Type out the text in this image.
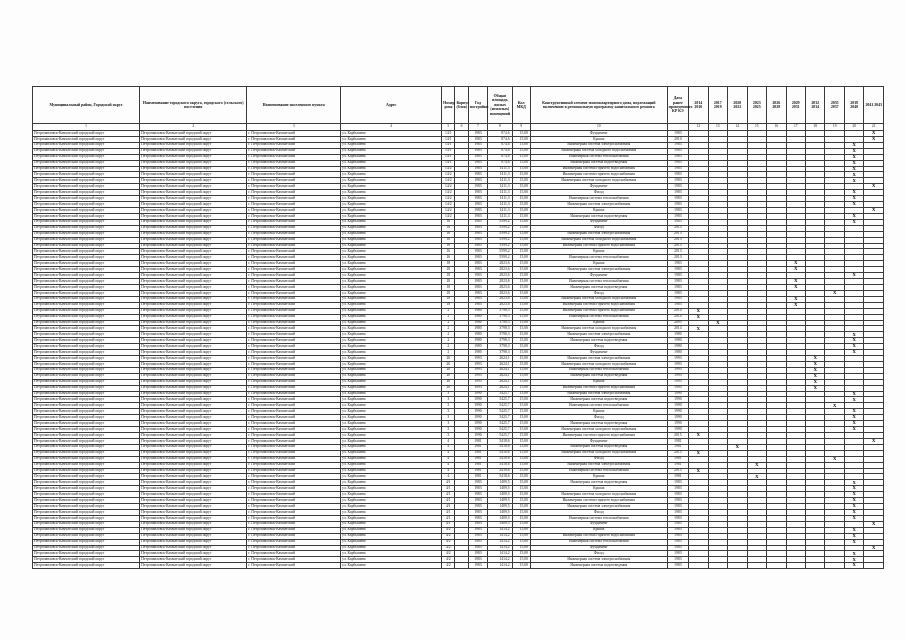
Муниципальный район, Городской округ	Наименование городского округа, городского (сельского) поселения	Наименование населенного пункта	Адрес	Номер дома	Корпус (блок)	Год постройки	Общая площадь жилых (нежилых) помещений	Кол МКД	Конструктивный элемент многоквартирного дома, подлежащий включению в региональную программу капитального ремонта	Дата ранее проведенного КР КЭ	2014 2016	2017 2019	2020 2022	2023 2025	2026 2028	2029 2031	2032 2034	2035 2037	2038 2040	2041 2043
1	2	3	4	5	6	7	8	9	10		12	13	14	15	16	17	18	19	20	21
Петропавловск-Камчатский городской округ	Петропавловск-Камчатский городской округ	г. Петропавловск-Камчатский	ул. Карбышева	14/1		1983	874,6	15,00	Фундамент	1983										X
Петропавловск-Камчатский городской округ	Петропавловск-Камчатский городской округ	г. Петропавловск-Камчатский	ул. Карбышева	14/1		1983	874,6	15,00	Крыша	2010										X
Петропавловск-Камчатский городской округ	Петропавловск-Камчатский городской округ	г. Петропавловск-Камчатский	ул. Карбышева	14/1		1983	874,6	15,00	Инженерная система электроснабжения	1983									X	
Петропавловск-Камчатский городской округ	Петропавловск-Камчатский городской округ	г. Петропавловск-Камчатский	ул. Карбышева	14/1		1983	874,6	15,00	Инженерная система холодного водоснабжения	1983									X	
Петропавловск-Камчатский городской округ	Петропавловск-Камчатский городской округ	г. Петропавловск-Камчатский	ул. Карбышева	14/1		1983	874,6	15,00	Инженерная система теплоснабжения	1983									X	
Петропавловск-Камчатский городской округ	Петропавловск-Камчатский городской округ	г. Петропавловск-Камчатский	ул. Карбышева	14/1		1983	874,6	15,00	Инженерная система водоотведения	1983									X	
Петропавловск-Камчатский городской округ	Петропавловск-Камчатский городской округ	г. Петропавловск-Камчатский	ул. Карбышева	14/2		1983	1411,3	15,00	Инженерная система горячего водоснабжения	1983									X	
Петропавловск-Камчатский городской округ	Петропавловск-Камчатский городской округ	г. Петропавловск-Камчатский	ул. Карбышева	14/2		1983	1411,3	15,00	Инженерная система горячего водоснабжения	1983									X	
Петропавловск-Камчатский городской округ	Петропавловск-Камчатский городской округ	г. Петропавловск-Камчатский	ул. Карбышева	14/2		1983	1411,3	15,00	Инженерная система холодного водоснабжения	1983									X	
Петропавловск-Камчатский городской округ	Петропавловск-Камчатский городской округ	г. Петропавловск-Камчатский	ул. Карбышева	14/2		1983	1411,3	15,00	Фундамент	1983										X
Петропавловск-Камчатский городской округ	Петропавловск-Камчатский городской округ	г. Петропавловск-Камчатский	ул. Карбышева	14/2		1983	1411,3	15,00	Фасад	1983									X	
Петропавловск-Камчатский городской округ	Петропавловск-Камчатский городской округ	г. Петропавловск-Камчатский	ул. Карбышева	14/2		1983	1411,3	15,00	Инженерная система теплоснабжения	1983									X	
Петропавловск-Камчатский городской округ	Петропавловск-Камчатский городской округ	г. Петропавловск-Камчатский	ул. Карбышева	14/2		1983	1411,3	15,00	Инженерная система электроснабжения	1983									X	
Петропавловск-Камчатский городской округ	Петропавловск-Камчатский городской округ	г. Петропавловск-Камчатский	ул. Карбышева	14/2		1983	1411,3	15,00	Крыша	1983										X
Петропавловск-Камчатский городской округ	Петропавловск-Камчатский городской округ	г. Петропавловск-Камчатский	ул. Карбышева	14/2		1983	1411,3	15,00	Инженерная система водоотведения	1983									X	
Петропавловск-Камчатский городской округ	Петропавловск-Камчатский городской округ	г. Петропавловск-Камчатский	ул. Карбышева	16		1983	5599,2	15,00	Фундамент	1983									X	
Петропавловск-Камчатский городской округ	Петропавловск-Камчатский городской округ	г. Петропавловск-Камчатский	ул. Карбышева	16		1983	5599,2	15,00	Фасад	2013										
Петропавловск-Камчатский городской округ	Петропавловск-Камчатский городской округ	г. Петропавловск-Камчатский	ул. Карбышева	16		1983	5599,2	15,00	Инженерная система электроснабжения	2013										
Петропавловск-Камчатский городской округ	Петропавловск-Камчатский городской округ	г. Петропавловск-Камчатский	ул. Карбышева	16		1983	5599,2	15,00	Инженерная система холодного водоснабжения	2013										
Петропавловск-Камчатский городской округ	Петропавловск-Камчатский городской округ	г. Петропавловск-Камчатский	ул. Карбышева	16		1983	5599,2	15,00	Инженерная система горячего водоснабжения	2013										
Петропавловск-Камчатский городской округ	Петропавловск-Камчатский городской округ	г. Петропавловск-Камчатский	ул. Карбышева	16		1983	5599,2	15,00	Крыша	2013										
Петропавловск-Камчатский городской округ	Петропавловск-Камчатский городской округ	г. Петропавловск-Камчатский	ул. Карбышева	16		1983	5599,2	15,00	Инженерная система теплоснабжения	2013										
Петропавловск-Камчатский городской округ	Петропавловск-Камчатский городской округ	г. Петропавловск-Камчатский	ул. Карбышева	18		1983	2823,6	15,00	Крыша	1983						X				
Петропавловск-Камчатский городской округ	Петропавловск-Камчатский городской округ	г. Петропавловск-Камчатский	ул. Карбышева	18		1983	2823,6	15,00	Инженерная система электроснабжения	1983						X				
Петропавловск-Камчатский городской округ	Петропавловск-Камчатский городской округ	г. Петропавловск-Камчатский	ул. Карбышева	18		1983	2823,6	15,00	Фундамент	1983									X	
Петропавловск-Камчатский городской округ	Петропавловск-Камчатский городской округ	г. Петропавловск-Камчатский	ул. Карбышева	18		1983	2823,6	15,00	Инженерная система теплоснабжения	1983						X				
Петропавловск-Камчатский городской округ	Петропавловск-Камчатский городской округ	г. Петропавловск-Камчатский	ул. Карбышева	18		1983	2823,6	15,00	Инженерная система водоотведения	1983						X				
Петропавловск-Камчатский городской округ	Петропавловск-Камчатский городской округ	г. Петропавловск-Камчатский	ул. Карбышева	18		1983	2823,6	15,00	Фасад	1983								X		
Петропавловск-Камчатский городской округ	Петропавловск-Камчатский городской округ	г. Петропавловск-Камчатский	ул. Карбышева	18		1983	2823,6	15,00	Инженерная система холодного водоснабжения	1983						X				
Петропавловск-Камчатский городской округ	Петропавловск-Камчатский городской округ	г. Петропавловск-Камчатский	ул. Карбышева	18		1983	2823,6	15,00	Инженерная система горячего водоснабжения	1983						X				
Петропавловск-Камчатский городской округ	Петропавловск-Камчатский городской округ	г. Петропавловск-Камчатский	ул. Карбышева	2		1980	3798,3	15,00	Инженерная система горячего водоснабжения	2014	X									
Петропавловск-Камчатский городской округ	Петропавловск-Камчатский городской округ	г. Петропавловск-Камчатский	ул. Карбышева	2		1980	3798,3	15,00	Инженерная система теплоснабжения	2014	X									
Петропавловск-Камчатский городской округ	Петропавловск-Камчатский городской округ	г. Петропавловск-Камчатский	ул. Карбышева	2		1980	3798,3	15,00	Крыша	2005		X								
Петропавловск-Камчатский городской округ	Петропавловск-Камчатский городской округ	г. Петропавловск-Камчатский	ул. Карбышева	2		1980	3798,3	15,00	Инженерная система холодного водоснабжения	2014	X									
Петропавловск-Камчатский городской округ	Петропавловск-Камчатский городской округ	г. Петропавловск-Камчатский	ул. Карбышева	2		1980	3798,3	15,00	Инженерная система электроснабжения	1980									X	
Петропавловск-Камчатский городской округ	Петропавловск-Камчатский городской округ	г. Петропавловск-Камчатский	ул. Карбышева	2		1980	3798,3	15,00	Инженерная система водоотведения	1980									X	
Петропавловск-Камчатский городской округ	Петропавловск-Камчатский городской округ	г. Петропавловск-Камчатский	ул. Карбышева	2		1980	3798,3	15,00	Фасад	1980									X	
Петропавловск-Камчатский городской округ	Петропавловск-Камчатский городской округ	г. Петропавловск-Камчатский	ул. Карбышева	2		1980	3798,3	15,00	Фундамент	1980									X	
Петропавловск-Камчатский городской округ	Петропавловск-Камчатский городской округ	г. Петропавловск-Камчатский	ул. Карбышева	20		1993	2624,1	15,00	Инженерная система электроснабжения	1993							X			
Петропавловск-Камчатский городской округ	Петропавловск-Камчатский городской округ	г. Петропавловск-Камчатский	ул. Карбышева	20		1993	2624,1	15,00	Инженерная система холодного водоснабжения	1993							X			
Петропавловск-Камчатский городской округ	Петропавловск-Камчатский городской округ	г. Петропавловск-Камчатский	ул. Карбышева	20		1993	2624,1	15,00	Инженерная система теплоснабжения	1993							X			
Петропавловск-Камчатский городской округ	Петропавловск-Камчатский городской округ	г. Петропавловск-Камчатский	ул. Карбышева	20		1993	2624,1	15,00	Инженерная система водоотведения	1993							X			
Петропавловск-Камчатский городской округ	Петропавловск-Камчатский городской округ	г. Петропавловск-Камчатский	ул. Карбышева	20		1993	2624,1	15,00	Крыша	1993							X			
Петропавловск-Камчатский городской округ	Петропавловск-Камчатский городской округ	г. Петропавловск-Камчатский	ул. Карбышева	20		1993	2624,1	15,00	Инженерная система горячего водоснабжения	1993							X			
Петропавловск-Камчатский городской округ	Петропавловск-Камчатский городской округ	г. Петропавловск-Камчатский	ул. Карбышева	3		1990	5425,7	15,00	Инженерная система электроснабжения	1990									X	
Петропавловск-Камчатский городской округ	Петропавловск-Камчатский городской округ	г. Петропавловск-Камчатский	ул. Карбышева	3		1990	5425,7	15,00	Инженерная система водоотведения	1990									X	
Петропавловск-Камчатский городской округ	Петропавловск-Камчатский городской округ	г. Петропавловск-Камчатский	ул. Карбышева	3		1990	5425,7	15,00	Инженерная система теплоснабжения	1990								X		
Петропавловск-Камчатский городской округ	Петропавловск-Камчатский городской округ	г. Петропавловск-Камчатский	ул. Карбышева	3		1990	5425,7	15,00	Крыша	1990									X	
Петропавловск-Камчатский городской округ	Петропавловск-Камчатский городской округ	г. Петропавловск-Камчатский	ул. Карбышева	3		1990	5425,7	15,00	Фасад	1990									X	
Петропавловск-Камчатский городской округ	Петропавловск-Камчатский городской округ	г. Петропавловск-Камчатский	ул. Карбышева	3		1990	5425,7	15,00	Инженерная система водоотведения	1990									X	
Петропавловск-Камчатский городской округ	Петропавловск-Камчатский городской округ	г. Петропавловск-Камчатский	ул. Карбышева	3		1990	5425,7	15,00	Инженерная система холодного водоснабжения	1990									X	
Петропавловск-Камчатский городской округ	Петропавловск-Камчатский городской округ	г. Петропавловск-Камчатский	ул. Карбышева	3		1990	5425,7	15,00	Инженерная система горячего водоснабжения	2015	X									
Петропавловск-Камчатский городской округ	Петропавловск-Камчатский городской округ	г. Петропавловск-Камчатский	ул. Карбышева	4		1981	5418,6	15,00	Фундамент	1981										X
Петропавловск-Камчатский городской округ	Петропавловск-Камчатский городской округ	г. Петропавловск-Камчатский	ул. Карбышева	4		1981	5418,6	15,00	Инженерная система водоотведения	1981			X							
Петропавловск-Камчатский городской округ	Петропавловск-Камчатский городской округ	г. Петропавловск-Камчатский	ул. Карбышева	4		1981	5418,6	15,00	Инженерная система холодного водоснабжения	2015	X									
Петропавловск-Камчатский городской округ	Петропавловск-Камчатский городской округ	г. Петропавловск-Камчатский	ул. Карбышева	4		1981	5418,6	15,00	Фасад	1981								X		
Петропавловск-Камчатский городской округ	Петропавловск-Камчатский городской округ	г. Петропавловск-Камчатский	ул. Карбышева	4		1981	5418,6	15,00	Инженерная система электроснабжения	1981				X						
Петропавловск-Камчатский городской округ	Петропавловск-Камчатский городской округ	г. Петропавловск-Камчатский	ул. Карбышева	4		1981	5418,6	15,00	Инженерная система теплоснабжения	2015	X									
Петропавловск-Камчатский городской округ	Петропавловск-Камчатский городской округ	г. Петропавловск-Камчатский	ул. Карбышева	4		1981	5418,6	15,00	Крыша	1981				X						
Петропавловск-Камчатский городской округ	Петропавловск-Камчатский городской округ	г. Петропавловск-Камчатский	ул. Карбышева	4/1		1983	1409,5	15,00	Инженерная система водоотведения	1983									X	
Петропавловск-Камчатский городской округ	Петропавловск-Камчатский городской округ	г. Петропавловск-Камчатский	ул. Карбышева	4/1		1983	1409,5	15,00	Крыша	1983									X	
Петропавловск-Камчатский городской округ	Петропавловск-Камчатский городской округ	г. Петропавловск-Камчатский	ул. Карбышева	4/1		1983	1409,5	15,00	Инженерная система холодного водоснабжения	1983									X	
Петропавловск-Камчатский городской округ	Петропавловск-Камчатский городской округ	г. Петропавловск-Камчатский	ул. Карбышева	4/1		1983	1409,5	15,00	Инженерная система горячего водоснабжения	1983									X	
Петропавловск-Камчатский городской округ	Петропавловск-Камчатский городской округ	г. Петропавловск-Камчатский	ул. Карбышева	4/1		1983	1409,5	15,00	Инженерная система электроснабжения	1983									X	
Петропавловск-Камчатский городской округ	Петропавловск-Камчатский городской округ	г. Петропавловск-Камчатский	ул. Карбышева	4/1		1983	1409,5	15,00	Фасад	1983									X	
Петропавловск-Камчатский городской округ	Петропавловск-Камчатский городской округ	г. Петропавловск-Камчатский	ул. Карбышева	4/1		1983	1409,5	15,00	Инженерная система теплоснабжения	1983									X	
Петропавловск-Камчатский городской округ	Петропавловск-Камчатский городской округ	г. Петропавловск-Камчатский	ул. Карбышева	4/1		1983	1409,5	15,00	Фундамент	1983										X
Петропавловск-Камчатский городской округ	Петропавловск-Камчатский городской округ	г. Петропавловск-Камчатский	ул. Карбышева	4/2		1983	1414,2	15,00	Крыша	1983									X	
Петропавловск-Камчатский городской округ	Петропавловск-Камчатский городской округ	г. Петропавловск-Камчатский	ул. Карбышева	4/2		1983	1414,2	15,00	Инженерная система горячего водоснабжения	1983									X	
Петропавловск-Камчатский городской округ	Петропавловск-Камчатский городской округ	г. Петропавловск-Камчатский	ул. Карбышева	4/2		1983	1414,2	15,00	Инженерная система теплоснабжения	1983									X	
Петропавловск-Камчатский городской округ	Петропавловск-Камчатский городской округ	г. Петропавловск-Камчатский	ул. Карбышева	4/2		1983	1414,2	15,00	Фундамент	1983										X
Петропавловск-Камчатский городской округ	Петропавловск-Камчатский городской округ	г. Петропавловск-Камчатский	ул. Карбышева	4/2		1983	1414,2	15,00	Фасад	1983									X	
Петропавловск-Камчатский городской округ	Петропавловск-Камчатский городской округ	г. Петропавловск-Камчатский	ул. Карбышева	4/2		1983	1414,2	15,00	Инженерная система электроснабжения	1983									X	
Петропавловск-Камчатский городской округ	Петропавловск-Камчатский городской округ	г. Петропавловск-Камчатский	ул. Карбышева	4/2		1983	1414,2	15,00	Инженерная система водоотведения	1983									X	
